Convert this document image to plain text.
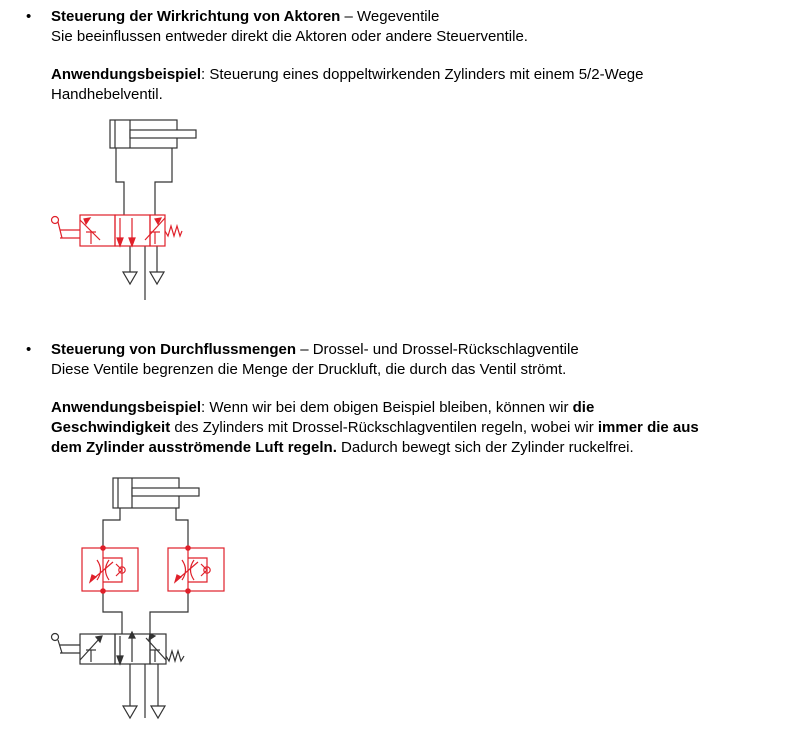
• Steuerung der Wirkrichtung von Aktoren – Wegeventile
Sie beeinflussen entweder direkt die Aktoren oder andere Steuerventile.
Anwendungsbeispiel: Steuerung eines doppeltwirkenden Zylinders mit einem 5/2-Wege
Handhebelventil.
• Steuerung von Durchflussmengen – Drossel- und Drossel-Rückschlagventile
Diese Ventile begrenzen die Menge der Druckluft, die durch das Ventil strömt.
Anwendungsbeispiel: Wenn wir bei dem obigen Beispiel bleiben, können wir die
Geschwindigkeit des Zylinders mit Drossel-Rückschlagventilen regeln, wobei wir immer die aus
dem Zylinder ausströmende Luft regeln. Dadurch bewegt sich der Zylinder ruckelfrei.
